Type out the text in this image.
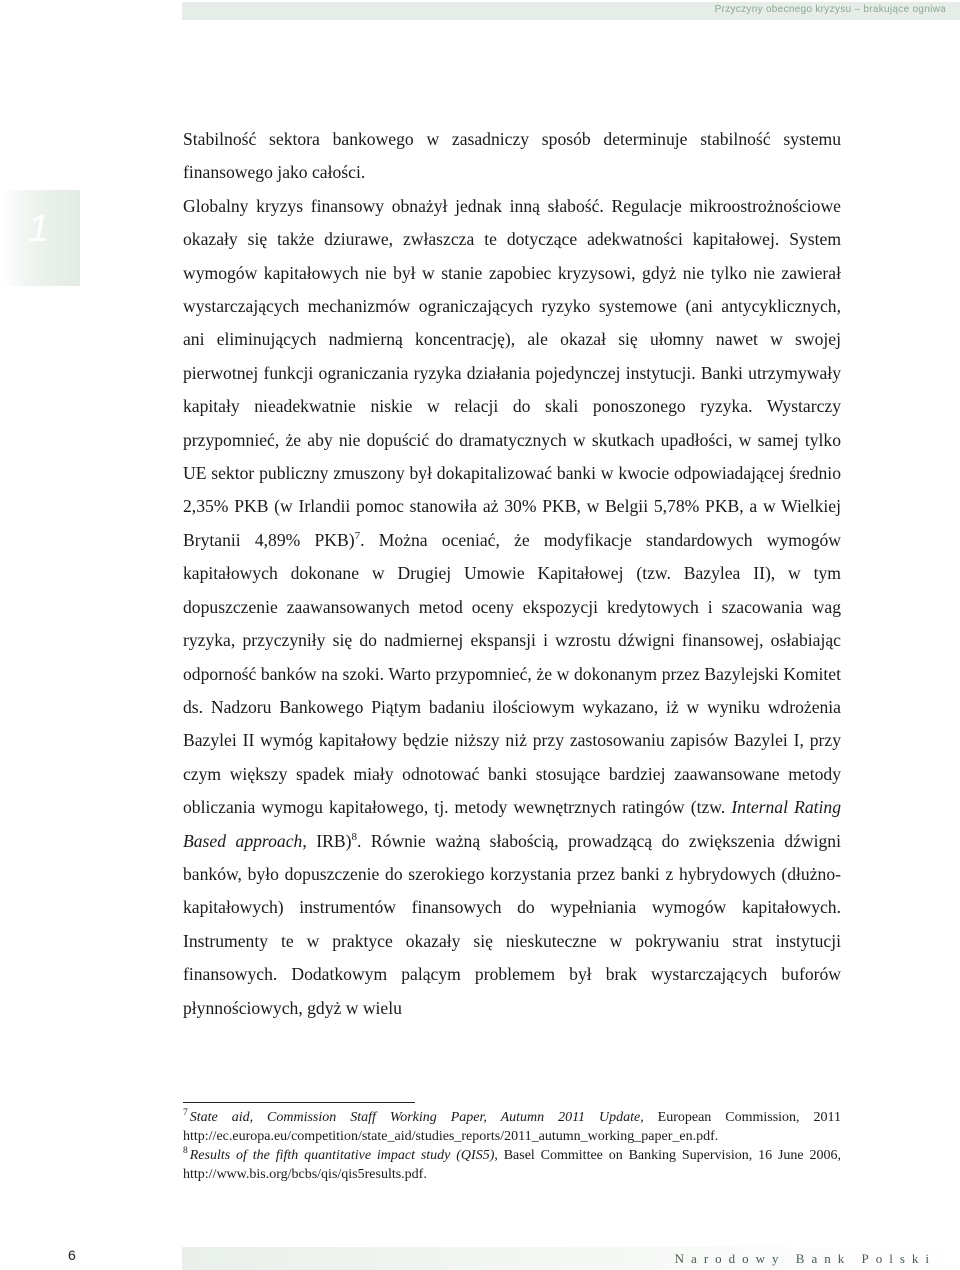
Przyczyny obecnego kryzysu – brakujące ogniwa
1

Stabilność sektora bankowego w zasadniczy sposób determinuje stabilność systemu finansowego jako całości.

Globalny kryzys finansowy obnażył jednak inną słabość. Regulacje mikroostrożnościowe okazały się także dziurawe, zwłaszcza te dotyczące adekwatności kapitałowej. System wymogów kapitałowych nie był w stanie zapobiec kryzysowi, gdyż nie tylko nie zawierał wystarczających mechanizmów ograniczających ryzyko systemowe (ani antycyklicznych, ani eliminujących nadmierną koncentrację), ale okazał się ułomny nawet w swojej pierwotnej funkcji ograniczania ryzyka działania pojedynczej instytucji. Banki utrzymywały kapitały nieadekwatnie niskie w relacji do skali ponoszonego ryzyka. Wystarczy przypomnieć, że aby nie dopuścić do dramatycznych w skutkach upadłości, w samej tylko UE sektor publiczny zmuszony był dokapitalizować banki w kwocie odpowiadającej średnio 2,35% PKB (w Irlandii pomoc stanowiła aż 30% PKB, w Belgii 5,78% PKB, a w Wielkiej Brytanii 4,89% PKB)$^7$. Można oceniać, że modyfikacje standardowych wymogów kapitałowych dokonane w Drugiej Umowie Kapitałowej (tzw. Bazylea II), w tym dopuszczenie zaawansowanych metod oceny ekspozycji kredytowych i szacowania wag ryzyka, przyczyniły się do nadmiernej ekspansji i wzrostu dźwigni finansowej, osłabiając odporność banków na szoki. Warto przypomnieć, że w dokonanym przez Bazylejski Komitet ds. Nadzoru Bankowego Piątym badaniu ilościowym wykazano, iż w wyniku wdrożenia Bazylei II wymóg kapitałowy będzie niższy niż przy zastosowaniu zapisów Bazylei I, przy czym większy spadek miały odnotować banki stosujące bardziej zaawansowane metody obliczania wymogu kapitałowego, tj. metody wewnętrznych ratingów (tzw. Internal Rating Based approach, IRB)$^8$. Równie ważną słabością, prowadzącą do zwiększenia dźwigni banków, było dopuszczenie do szerokiego korzystania przez banki z hybrydowych (dłużno-kapitałowych) instrumentów finansowych do wypełniania wymogów kapitałowych. Instrumenty te w praktyce okazały się nieskuteczne w pokrywaniu strat instytucji finansowych. Dodatkowym palącym problemem był brak wystarczających buforów płynnościowych, gdyż w wielu

$^7$ State aid, Commission Staff Working Paper, Autumn 2011 Update, European Commission, 2011 http://ec.europa.eu/competition/state_aid/studies_reports/2011_autumn_working_paper_en.pdf.

$^8$ Results of the fifth quantitative impact study (QIS5), Basel Committee on Banking Supervision, 16 June 2006, http://www.bis.org/bcbs/qis/qis5results.pdf.

6	Narodowy Bank Polski
